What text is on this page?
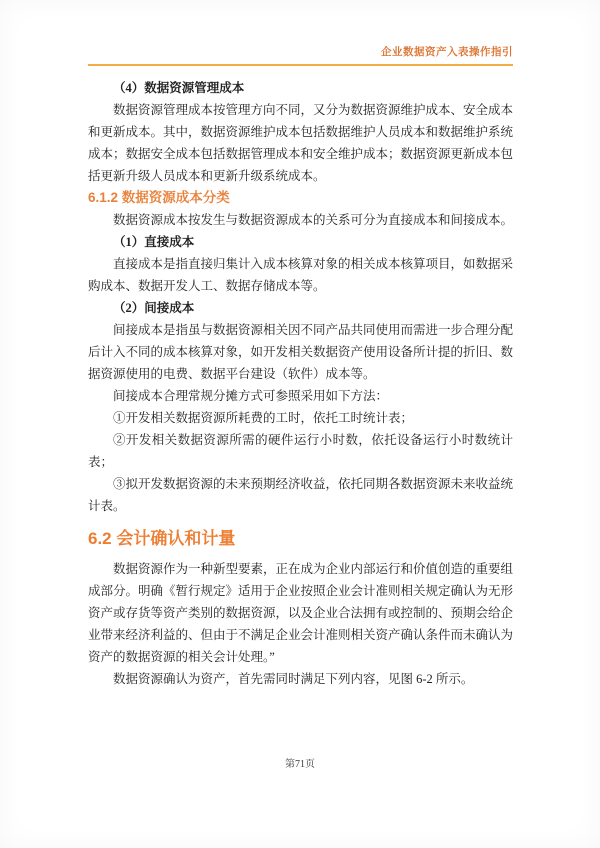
企业数据资产入表操作指引

（4）数据资源管理成本

数据资源管理成本按管理方向不同，又分为数据资源维护成本、安全成本和更新成本。其中，数据资源维护成本包括数据维护人员成本和数据维护系统成本；数据安全成本包括数据管理成本和安全维护成本；数据资源更新成本包括更新升级人员成本和更新升级系统成本。

6.1.2 数据资源成本分类

数据资源成本按发生与数据资源成本的关系可分为直接成本和间接成本。

（1）直接成本

直接成本是指直接归集计入成本核算对象的相关成本核算项目，如数据采购成本、数据开发人工、数据存储成本等。

（2）间接成本

间接成本是指虽与数据资源相关因不同产品共同使用而需进一步合理分配后计入不同的成本核算对象，如开发相关数据资产使用设备所计提的折旧、数据资源使用的电费、数据平台建设（软件）成本等。

间接成本合理常规分摊方式可参照采用如下方法：

①开发相关数据资源所耗费的工时，依托工时统计表；

②开发相关数据资源所需的硬件运行小时数，依托设备运行小时数统计表；

③拟开发数据资源的未来预期经济收益，依托同期各数据资源未来收益统计表。

6.2 会计确认和计量

数据资源作为一种新型要素，正在成为企业内部运行和价值创造的重要组成部分。明确《暂行规定》适用于企业按照企业会计准则相关规定确认为无形资产或存货等资产类别的数据资源，以及企业合法拥有或控制的、预期会给企业带来经济利益的、但由于不满足企业会计准则相关资产确认条件而未确认为资产的数据资源的相关会计处理。”

数据资源确认为资产，首先需同时满足下列内容，见图 6-2 所示。

第71页
